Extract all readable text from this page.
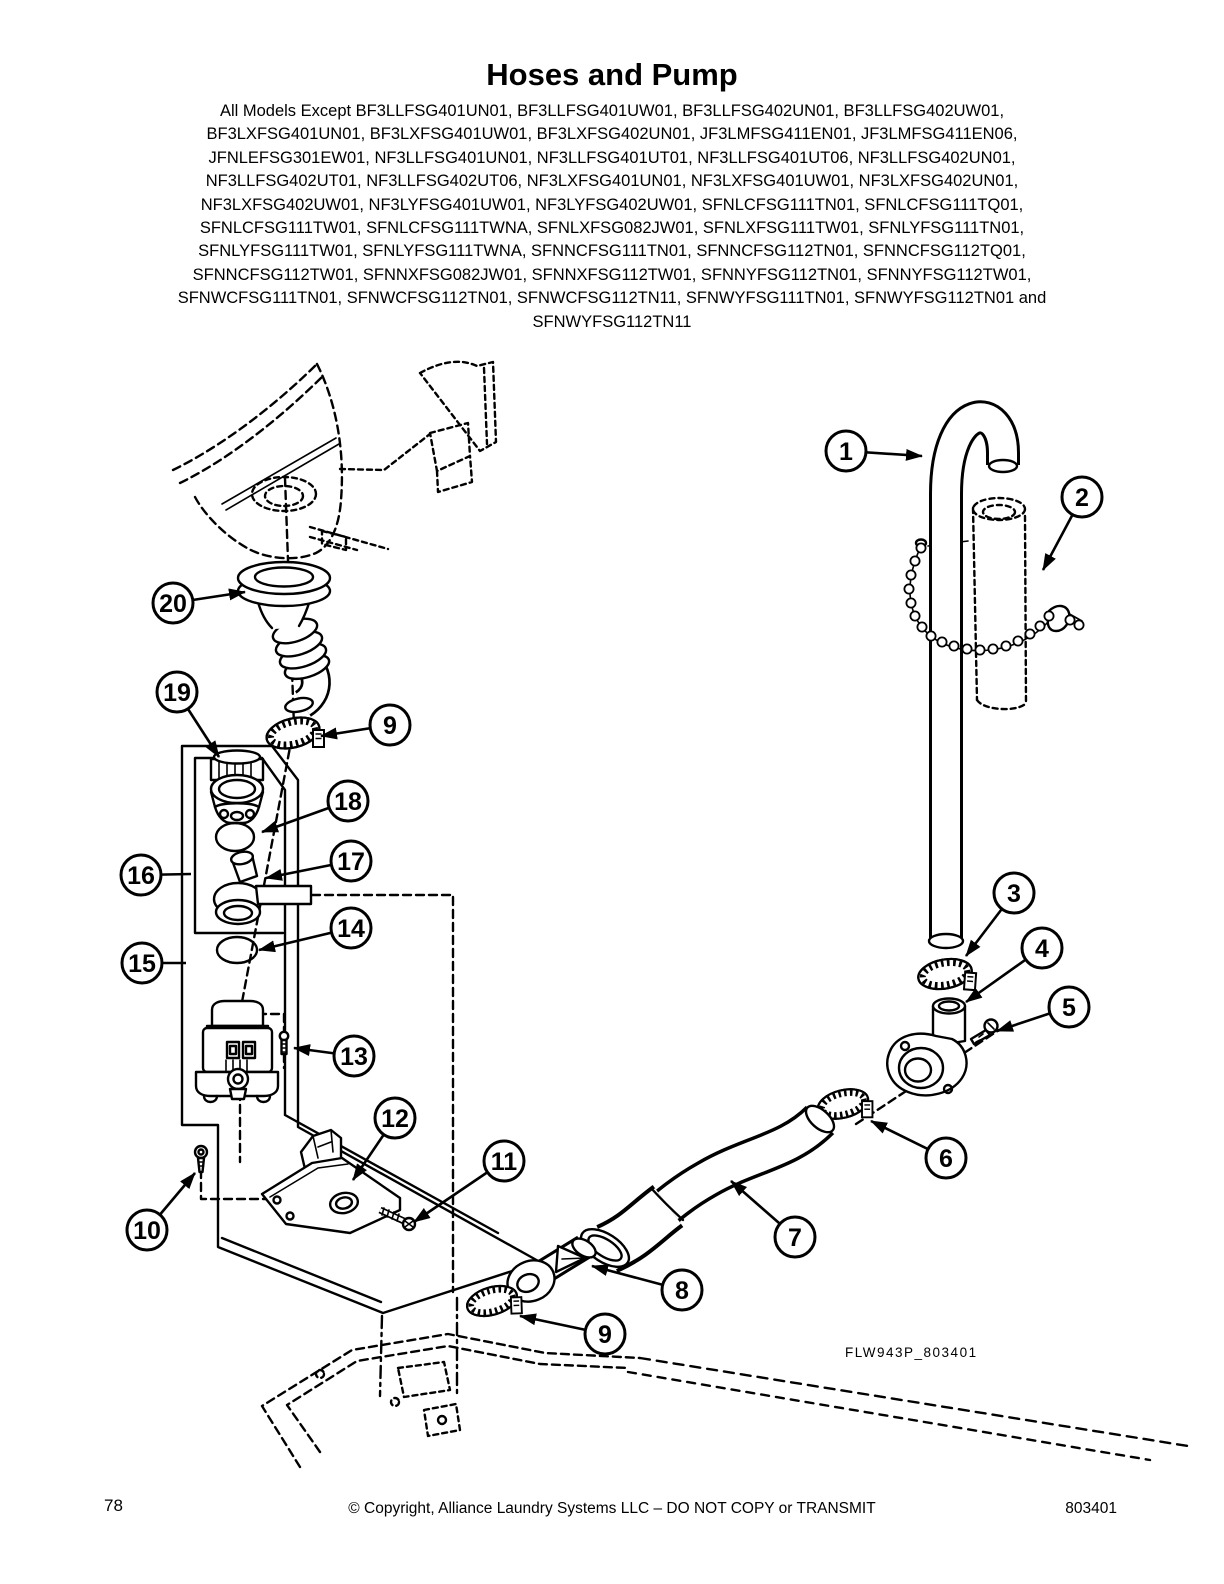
Hoses and Pump
All Models Except BF3LLFSG401UN01, BF3LLFSG401UW01, BF3LLFSG402UN01, BF3LLFSG402UW01,
BF3LXFSG401UN01, BF3LXFSG401UW01, BF3LXFSG402UN01, JF3LMFSG411EN01, JF3LMFSG411EN06,
JFNLEFSG301EW01, NF3LLFSG401UN01, NF3LLFSG401UT01, NF3LLFSG401UT06, NF3LLFSG402UN01,
NF3LLFSG402UT01, NF3LLFSG402UT06, NF3LXFSG401UN01, NF3LXFSG401UW01, NF3LXFSG402UN01,
NF3LXFSG402UW01, NF3LYFSG401UW01, NF3LYFSG402UW01, SFNLCFSG111TN01, SFNLCFSG111TQ01,
SFNLCFSG111TW01, SFNLCFSG111TWNA, SFNLXFSG082JW01, SFNLXFSG111TW01, SFNLYFSG111TN01,
SFNLYFSG111TW01, SFNLYFSG111TWNA, SFNNCFSG111TN01, SFNNCFSG112TN01, SFNNCFSG112TQ01,
SFNNCFSG112TW01, SFNNXFSG082JW01, SFNNXFSG112TW01, SFNNYFSG112TN01, SFNNYFSG112TW01,
SFNWCFSG111TN01, SFNWCFSG112TN01, SFNWCFSG112TN11, SFNWYFSG111TN01, SFNWYFSG112TN01 and
SFNWYFSG112TN11
FLW943P_803401
1
2
3
4
5
6
7
8
9
9
10
11
12
13
14
15
16	17
18
19
20
78	© Copyright, Alliance Laundry Systems LLC – DO NOT COPY or TRANSMIT	803401
